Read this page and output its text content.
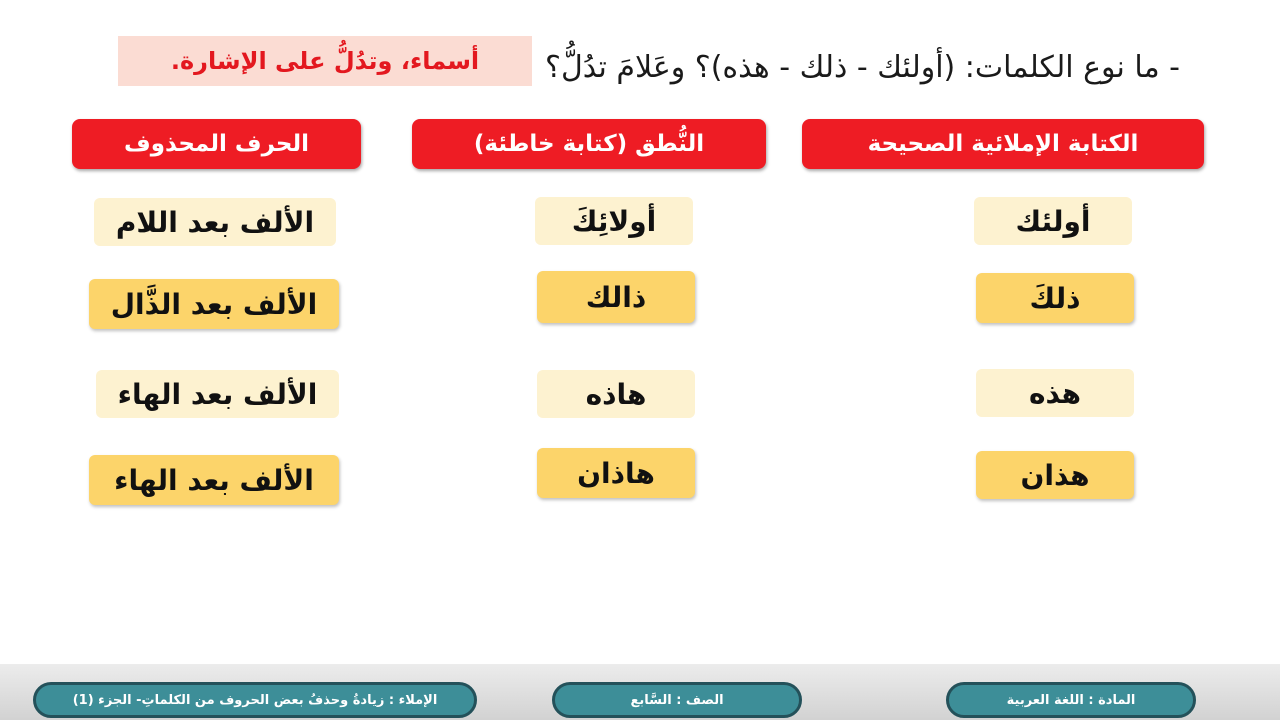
- ما نوع الكلمات: (أولئك - ذلك - هذه)؟ وعَلامَ تدُلُّ؟
أسماء، وتدُلُّ على الإشارة.
الكتابة الإملائية الصحيحة
النُّطق (كتابة خاطئة)
الحرف المحذوف
أولئك
ذلكَ
هذه
هذان
أولائِكَ
ذالك
هاذه
هاذان
الألف بعد اللام
الألف بعد الذَّال
الألف بعد الهاء
الألف بعد الهاء
الإملاء : زيادةُ وحذفُ بعض الحروف من الكلماتِ- الجزء (1)	الصف : السَّابع	المادة : اللغة العربية
